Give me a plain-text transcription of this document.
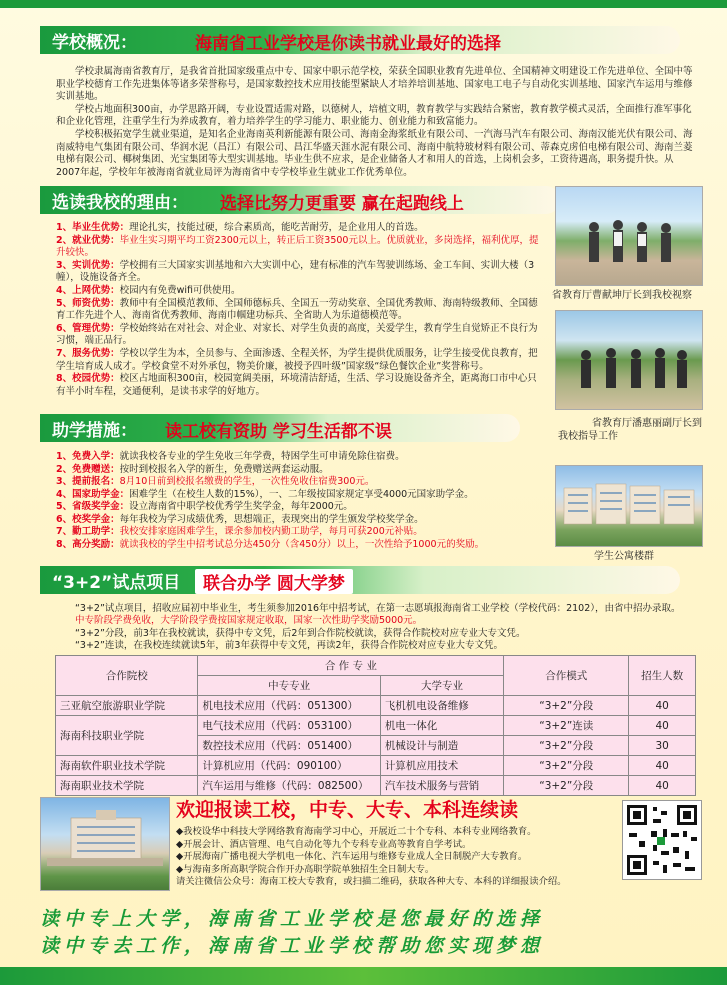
学校概况：	海南省工业学校是你读书就业最好的选择

学校隶属海南省教育厅，是我省首批国家级重点中专、国家中职示范学校，荣获全国职业教育先进单位、全国精神文明建设工作先进单位、全国中等职业学校德育工作先进集体等诸多荣誉称号，是国家数控技术应用技能型紧缺人才培养培训基地、国家电工电子与自动化实训基地、国家汽车运用与维修实训基地。

学校占地面积300亩，办学思路开阔，专业设置适需对路，以德树人，培植文明，教育教学与实践结合紧密，教育教学模式灵活，全面推行准军事化和企业化管理，注重学生行为养成教育，着力培养学生的学习能力、职业能力、创业能力和致富能力。

学校积极拓宽学生就业渠道，是知名企业海南英利新能源有限公司、海南金海浆纸业有限公司、一汽海马汽车有限公司、海南汉能光伏有限公司、海南威特电气集团有限公司、华润水泥（昌江）有限公司、昌江华盛天涯水泥有限公司、海南中航特玻材料有限公司、蒂森克虏伯电梯有限公司、海南兰菱电梯有限公司、椰树集团、光宝集团等大型实训基地。毕业生供不应求，是企业储备人才和用人的首选，上岗机会多，工资待遇高，职务提升快。从2007年起，学校年年被海南省就业局评为海南省中专学校毕业生就业工作优秀单位。

选读我校的理由： 选择比努力更重要 赢在起跑线上

1、毕业生优势：理论扎实，技能过硬，综合素质高，能吃苦耐劳，是企业用人的首选。

2、就业优势：毕业生实习期平均工资2300元以上，转正后工资3500元以上。优质就业，多岗选择，福利优厚，提升较快。

3、实训优势：学校拥有三大国家实训基地和六大实训中心，建有标准的汽车驾驶训练场、金工车间、实训大楼（3幢），设施设备齐全。

4、上网优势：校园内有免费wifi可供使用。

5、师资优势：教师中有全国模范教师、全国师德标兵、全国五一劳动奖章、全国优秀教师、海南特级教师、全国德育工作先进个人、海南省优秀教师、海南巾帼建功标兵、全省助人为乐道德模范等。

6、管理优势：学校始终站在对社会、对企业、对家长、对学生负责的高度，关爱学生，教育学生自觉矫正不良行为习惯，端正品行。

7、服务优势：学校以学生为本，全员参与、全面渗透、全程关怀，为学生提供优质服务，让学生接受优良教育，把学生培育成人成才。学校食堂不对外承包，物美价廉，被授予四叶级”国家级“绿色餐饮企业”奖誉称号。

8、校园优势：校区占地面积300亩，校园宽阔美丽，环境清洁舒适，生活、学习设施设备齐全，距离海口市中心只有半小时车程，交通便利，是读书求学的好地方。

省教育厅曹献坤厅长到我校视察
省教育厅潘惠丽副厅长到
我校指导工作
学生公寓楼群
助学措施： 读工校有资助 学习生活都不误

1、免费入学：就读我校各专业的学生免收三年学费，特困学生可申请免除住宿费。

2、免费赠送：按时到校报名入学的新生，免费赠送两套运动服。

3、提前报名：8月10日前到校报名缴费的学生，一次性免收住宿费300元。

4、国家助学金：困难学生（在校生人数的15%），一、二年级按国家规定享受4000元国家助学金。

5、省级奖学金：设立海南省中职学校优秀学生奖学金，每年2000元。

6、校奖学金：每年我校为学习成绩优秀，思想端正，表现突出的学生颁发学校奖学金。

7、勤工助学：我校安排家庭困难学生，课余参加校内勤工助学，每月可获200元补贴。

8、高分奖励：就读我校的学生中招考试总分达450分（含450分）以上，一次性给予1000元的奖励。

“3+2”试点项目	联合办学 圆大学梦

“3+2”试点项目，招收应届初中毕业生，考生须参加2016年中招考试，在第一志愿填报海南省工业学校（学校代码：2102），由省中招办录取。

中专阶段学费免收，大学阶段学费按国家规定收取，国家一次性助学奖励5000元。

“3+2”分段，前3年在我校就读，获得中专文凭，后2年到合作院校就读，获得合作院校对应专业大专文凭。

“3+2”连读，在我校连续就读5年，前3年获得中专文凭，再读2年，获得合作院校对应专业大专文凭。

合作院校	合 作 专 业		合作模式	招生人数
	中专专业	大学专业		
三亚航空旅游职业学院	机电技术应用（代码：051300）	飞机机电设备维修	“3+2”分段	40
海南科技职业学院	电气技术应用（代码：053100）	机电一体化	“3+2”连读	40
	数控技术应用（代码：051400）	机械设计与制造	“3+2”分段	30
海南软件职业技术学院	计算机应用（代码：090100）	计算机应用技术	“3+2”分段	40
海南职业技术学院	汽车运用与维修（代码：082500）	汽车技术服务与营销	“3+2”分段	40
欢迎报读工校，中专、大专、本科连续读

◆我校设华中科技大学网络教育海南学习中心，开展近二十个专科、本科专业网络教育。

◆开展会计、酒店管理、电气自动化等九个专科专业高等教育自学考试。

◆开展海南广播电视大学机电一体化、汽车运用与维修专业成人全日制脱产大专教育。

◆与海南多所高职学院合作开办高职学院单独招生全日制大专。

请关注微信公众号：海南工校大专教育，或扫描二维码，获取各种大专、本科的详细报读介绍。

读中专上大学，海南省工业学校是您最好的选择
读中专去工作，海南省工业学校帮助您实现梦想
